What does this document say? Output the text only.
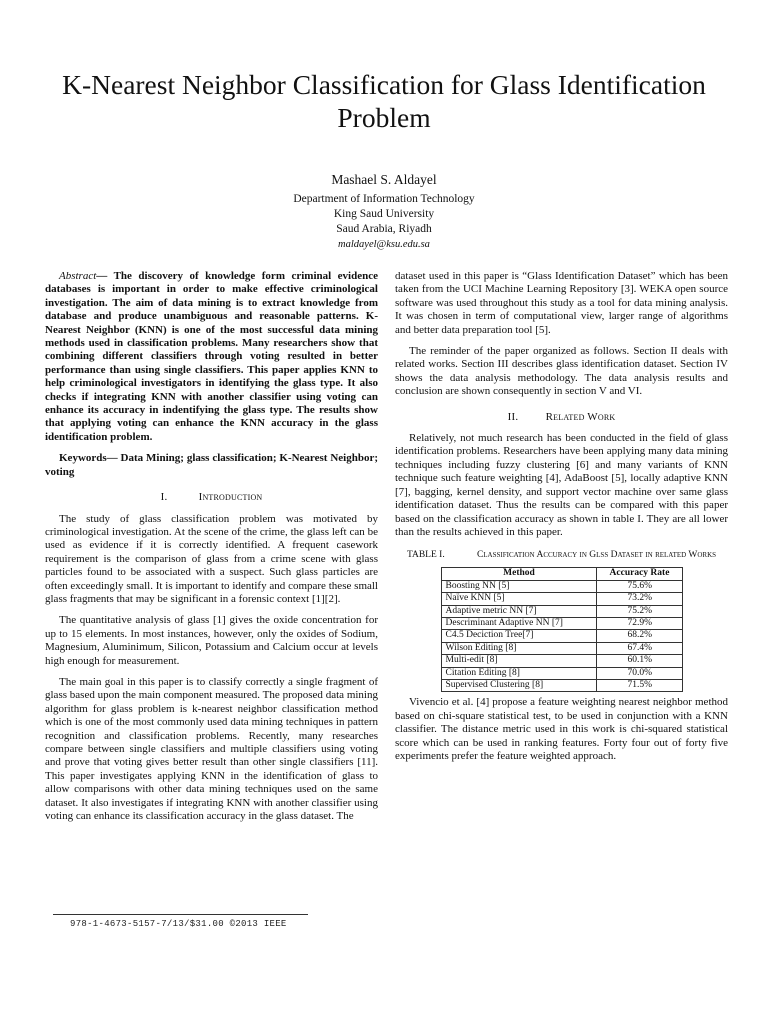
K-Nearest Neighbor Classification for Glass Identification Problem
Mashael S. Aldayel
Department of Information Technology
King Saud University
Saud Arabia, Riyadh
maldayel@ksu.edu.sa

Abstract— The discovery of knowledge form criminal evidence databases is important in order to make effective criminological investigation. The aim of data mining is to extract knowledge from database and produce unambiguous and reasonable patterns. K-Nearest Neighbor (KNN) is one of the most successful data mining methods used in classification problems. Many researchers show that combining different classifiers through voting resulted in better performance than using single classifiers. This paper applies KNN to help criminological investigators in identifying the glass type. It also checks if integrating KNN with another classifier using voting can enhance its accuracy in indentifying the glass type. The results show that applying voting can enhance the KNN accuracy in the glass identification problem.

Keywords— Data Mining; glass classification; K-Nearest Neighbor; voting

I.	Introduction

The study of glass classification problem was motivated by criminological investigation. At the scene of the crime, the glass left can be used as evidence if it is correctly identified. A frequent casework requirement is the comparison of glass from a crime scene with glass particles found to be associated with a suspect. Such glass particles are often exceedingly small. It is important to identify and compare these small glass fragments that may be significant in a forensic context [1][2].

The quantitative analysis of glass [1] gives the oxide concentration for up to 15 elements. In most instances, however, only the oxides of Sodium, Magnesium, Aluminimum, Silicon, Potassium and Calcium occur at levels high enough for measurement.

The main goal in this paper is to classify correctly a single fragment of glass based upon the main component measured. The proposed data mining algorithm for glass problem is k-nearest neighbor classification method which is one of the most commonly used data mining techniques in pattern recognition and classification problems. Recently, many researches compare between single classifiers and multiple classifiers using voting and prove that voting gives better result than other single classifiers [11]. This paper investigates applying KNN in the identification of glass to allow comparisons with other data mining techniques used on the same dataset. It also investigates if integrating KNN with another classifier using voting can enhance its classification accuracy in the glass dataset. The

dataset used in this paper is “Glass Identification Dataset” which has been taken from the UCI Machine Learning Repository [3]. WEKA open source software was used throughout this study as a tool for data mining analysis. It was chosen in term of computational view, larger range of algorithms and better data preparation tool [5].

The reminder of the paper organized as follows. Section II deals with related works. Section III describes glass identification dataset. Section IV shows the data analysis methodology. The data analysis results and conclusion are shown consequently in section V and VI.

II. Related Work

Relatively, not much research has been conducted in the field of glass identification problems. Researchers have been applying many data mining techniques including fuzzy clustering [6] and many variants of KNN technique such feature weighting [4], AdaBoost [5], locally adaptive KNN [7], bagging, kernel density, and support vector machine over same glass identification dataset. Thus the results can be compared with this paper based on the classification accuracy as shown in table I. They are all lower than the results achieved in this paper.

TABLE I.	Classification Accuracy in Glss Dataset in related Works
Method	Accuracy Rate
Boosting NN [5]	75.6%
Naïve KNN [5]	73.2%
Adaptive metric NN [7]	75.2%
Descriminant Adaptive NN [7]	72.9%
C4.5 Deciction Tree[7]	68.2%
Wilson Editing [8]	67.4%
Multi-edit [8]	60.1%
Citation Editing [8]	70.0%
Supervised Clustering [8]	71.5%

Vivencio et al. [4] propose a feature weighting nearest neighbor method based on chi-square statistical test, to be used in conjunction with a KNN classifier. The distance metric used in this work is chi-squared statistical score which can be used in ranking features. Forty four out of forty five experiments prefer the feature weighted approach.

978-1-4673-5157-7/13/$31.00 ©2013 IEEE
